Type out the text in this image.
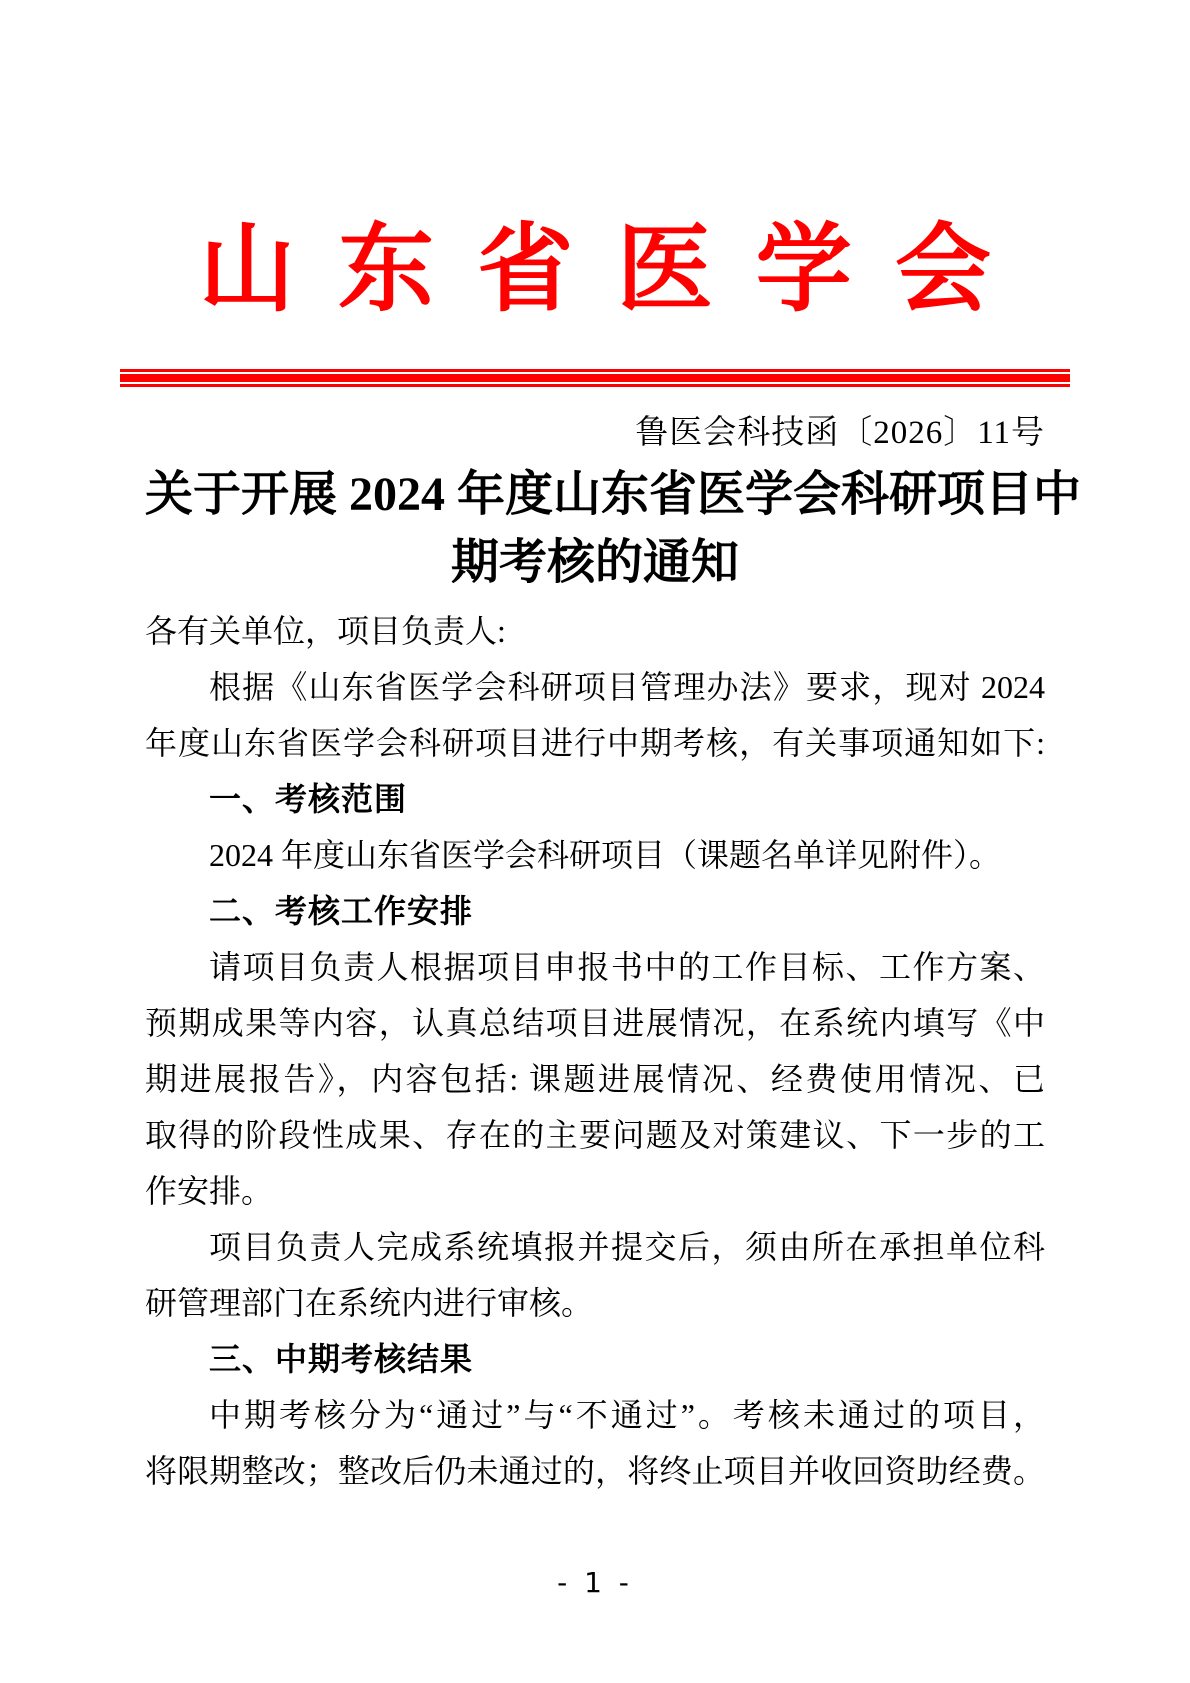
山东省医学会
鲁医会科技函〔2026〕11号
关于开展 2024 年度山东省医学会科研项目中
期考核的通知
各有关单位，项目负责人:
根据《山东省医学会科研项目管理办法》要求，现对 2024
年度山东省医学会科研项目进行中期考核，有关事项通知如下:
一、考核范围
2024 年度山东省医学会科研项目（课题名单详见附件）。
二、考核工作安排
请项目负责人根据项目申报书中的工作目标、工作方案、
预期成果等内容，认真总结项目进展情况，在系统内填写《中
期进展报告》，内容包括: 课题进展情况、经费使用情况、已
取得的阶段性成果、存在的主要问题及对策建议、下一步的工
作安排。
项目负责人完成系统填报并提交后，须由所在承担单位科
研管理部门在系统内进行审核。
三、中期考核结果
中期考核分为“通过”与“不通过”。考核未通过的项目，
将限期整改；整改后仍未通过的，将终止项目并收回资助经费。
- 1 -
